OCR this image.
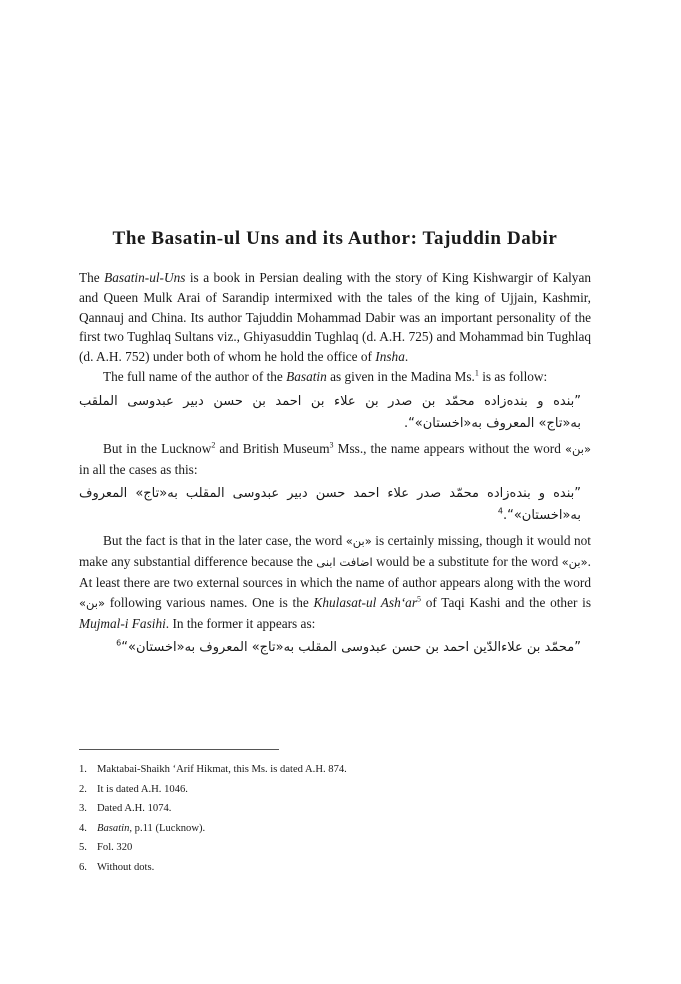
The Basatin-ul Uns and its Author: Tajuddin Dabir

The Basatin-ul-Uns is a book in Persian dealing with the story of King Kishwargir of Kalyan and Queen Mulk Arai of Sarandip intermixed with the tales of the king of Ujjain, Kashmir, Qannauj and China. Its author Tajuddin Mohammad Dabir was an important personality of the first two Tughlaq Sultans viz., Ghiyasuddin Tughlaq (d. A.H. 725) and Mohammad bin Tughlaq (d. A.H. 752) under both of whom he hold the office of Insha.

The full name of the author of the Basatin as given in the Madina Ms.$^1$ is as follow:

”بنده و بنده‌زاده محمّد بن صدر بن علاء بن احمد بن حسن دبیر عبدوسی الملقب
به«تاج» المعروف به«اخستان»“.

But in the Lucknow$^2$ and British Museum$^3$ Mss., the name appears without the word «بن» in all the cases as this:

”بنده و بنده‌زاده محمّد صدر علاء احمد حسن دبیر عبدوسی المقلب به«تاج» المعروف
به«اخستان»“.$^4$

But the fact is that in the later case, the word «بن» is certainly missing, though it would not make any substantial difference because the اضافت ابنی would be a substitute for the word «بن». At least there are two external sources in which the name of author appears along with the word «بن» following various names. One is the Khulasat-ul $Ash‘ar^5$ of Taqi Kashi and the other is Mujmal-i Fasihi. In the former it appears as:

”محمّد بن علاءالدّین احمد بن حسن عبدوسی المقلب به«تاج» المعروف به«اخستان»“$^6$
1. Maktabai-Shaikh ‘Arif Hikmat, this Ms. is dated A.H. 874.
2. It is dated A.H. 1046.
3. Dated A.H. 1074.
4. Basatin, p.11 (Lucknow).
5. Fol. 320
6. Without dots.
